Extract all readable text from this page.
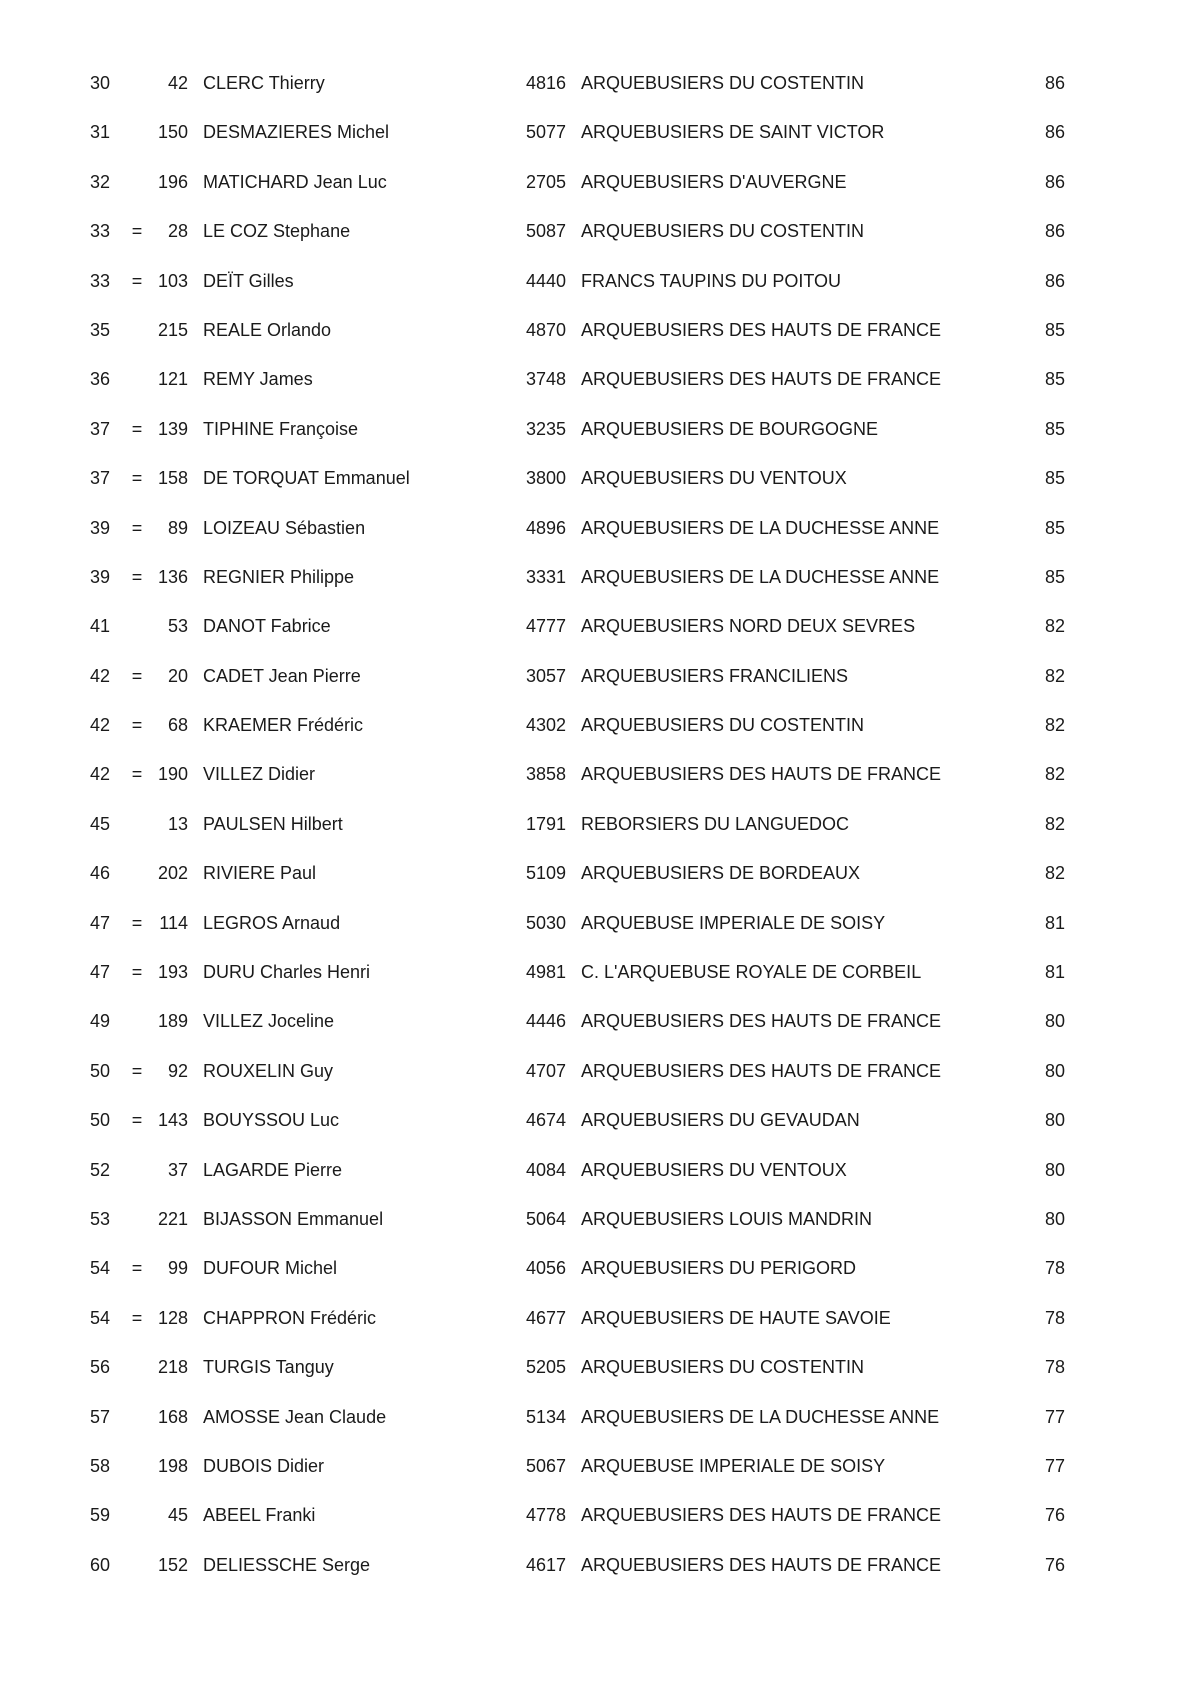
30	42 CLERC Thierry	4816 ARQUEBUSIERS DU COSTENTIN	86
31	150 DESMAZIERES Michel	5077 ARQUEBUSIERS DE SAINT VICTOR	86
32	196 MATICHARD Jean Luc	2705 ARQUEBUSIERS D'AUVERGNE	86
33 =	28 LE COZ Stephane	5087 ARQUEBUSIERS DU COSTENTIN	86
33 = 103 DEÏT Gilles	4440 FRANCS TAUPINS DU POITOU	86
35	215 REALE Orlando	4870 ARQUEBUSIERS DES HAUTS DE FRANCE	85
36	121 REMY James	3748 ARQUEBUSIERS DES HAUTS DE FRANCE	85
37 = 139 TIPHINE Françoise	3235 ARQUEBUSIERS DE BOURGOGNE	85
37 = 158 DE TORQUAT Emmanuel	3800 ARQUEBUSIERS DU VENTOUX	85
39 =	89 LOIZEAU Sébastien	4896 ARQUEBUSIERS DE LA DUCHESSE ANNE	85
39 = 136 REGNIER Philippe	3331 ARQUEBUSIERS DE LA DUCHESSE ANNE	85
41	53 DANOT Fabrice	4777 ARQUEBUSIERS NORD DEUX SEVRES	82
42 =	20 CADET Jean Pierre	3057 ARQUEBUSIERS FRANCILIENS	82
42 =	68 KRAEMER Frédéric	4302 ARQUEBUSIERS DU COSTENTIN	82
42 = 190 VILLEZ Didier	3858 ARQUEBUSIERS DES HAUTS DE FRANCE	82
45	13 PAULSEN Hilbert	1791 REBORSIERS DU LANGUEDOC	82
46	202 RIVIERE Paul	5109 ARQUEBUSIERS DE BORDEAUX	82
47 = 114 LEGROS Arnaud	5030 ARQUEBUSE IMPERIALE DE SOISY	81
47 = 193 DURU Charles Henri	4981 C. L'ARQUEBUSE ROYALE DE CORBEIL	81
49	189 VILLEZ Joceline	4446 ARQUEBUSIERS DES HAUTS DE FRANCE	80
50 =	92 ROUXELIN Guy	4707 ARQUEBUSIERS DES HAUTS DE FRANCE	80
50 = 143 BOUYSSOU Luc	4674 ARQUEBUSIERS DU GEVAUDAN	80
52	37 LAGARDE Pierre	4084 ARQUEBUSIERS DU VENTOUX	80
53	221 BIJASSON Emmanuel	5064 ARQUEBUSIERS LOUIS MANDRIN	80
54 =	99 DUFOUR Michel	4056 ARQUEBUSIERS DU PERIGORD	78
54 = 128 CHAPPRON Frédéric	4677 ARQUEBUSIERS DE HAUTE SAVOIE	78
56	218 TURGIS Tanguy	5205 ARQUEBUSIERS DU COSTENTIN	78
57	168 AMOSSE Jean Claude	5134 ARQUEBUSIERS DE LA DUCHESSE ANNE	77
58	198 DUBOIS Didier	5067 ARQUEBUSE IMPERIALE DE SOISY	77
59	45 ABEEL Franki	4778 ARQUEBUSIERS DES HAUTS DE FRANCE	76
60	152 DELIESSCHE Serge	4617 ARQUEBUSIERS DES HAUTS DE FRANCE	76
